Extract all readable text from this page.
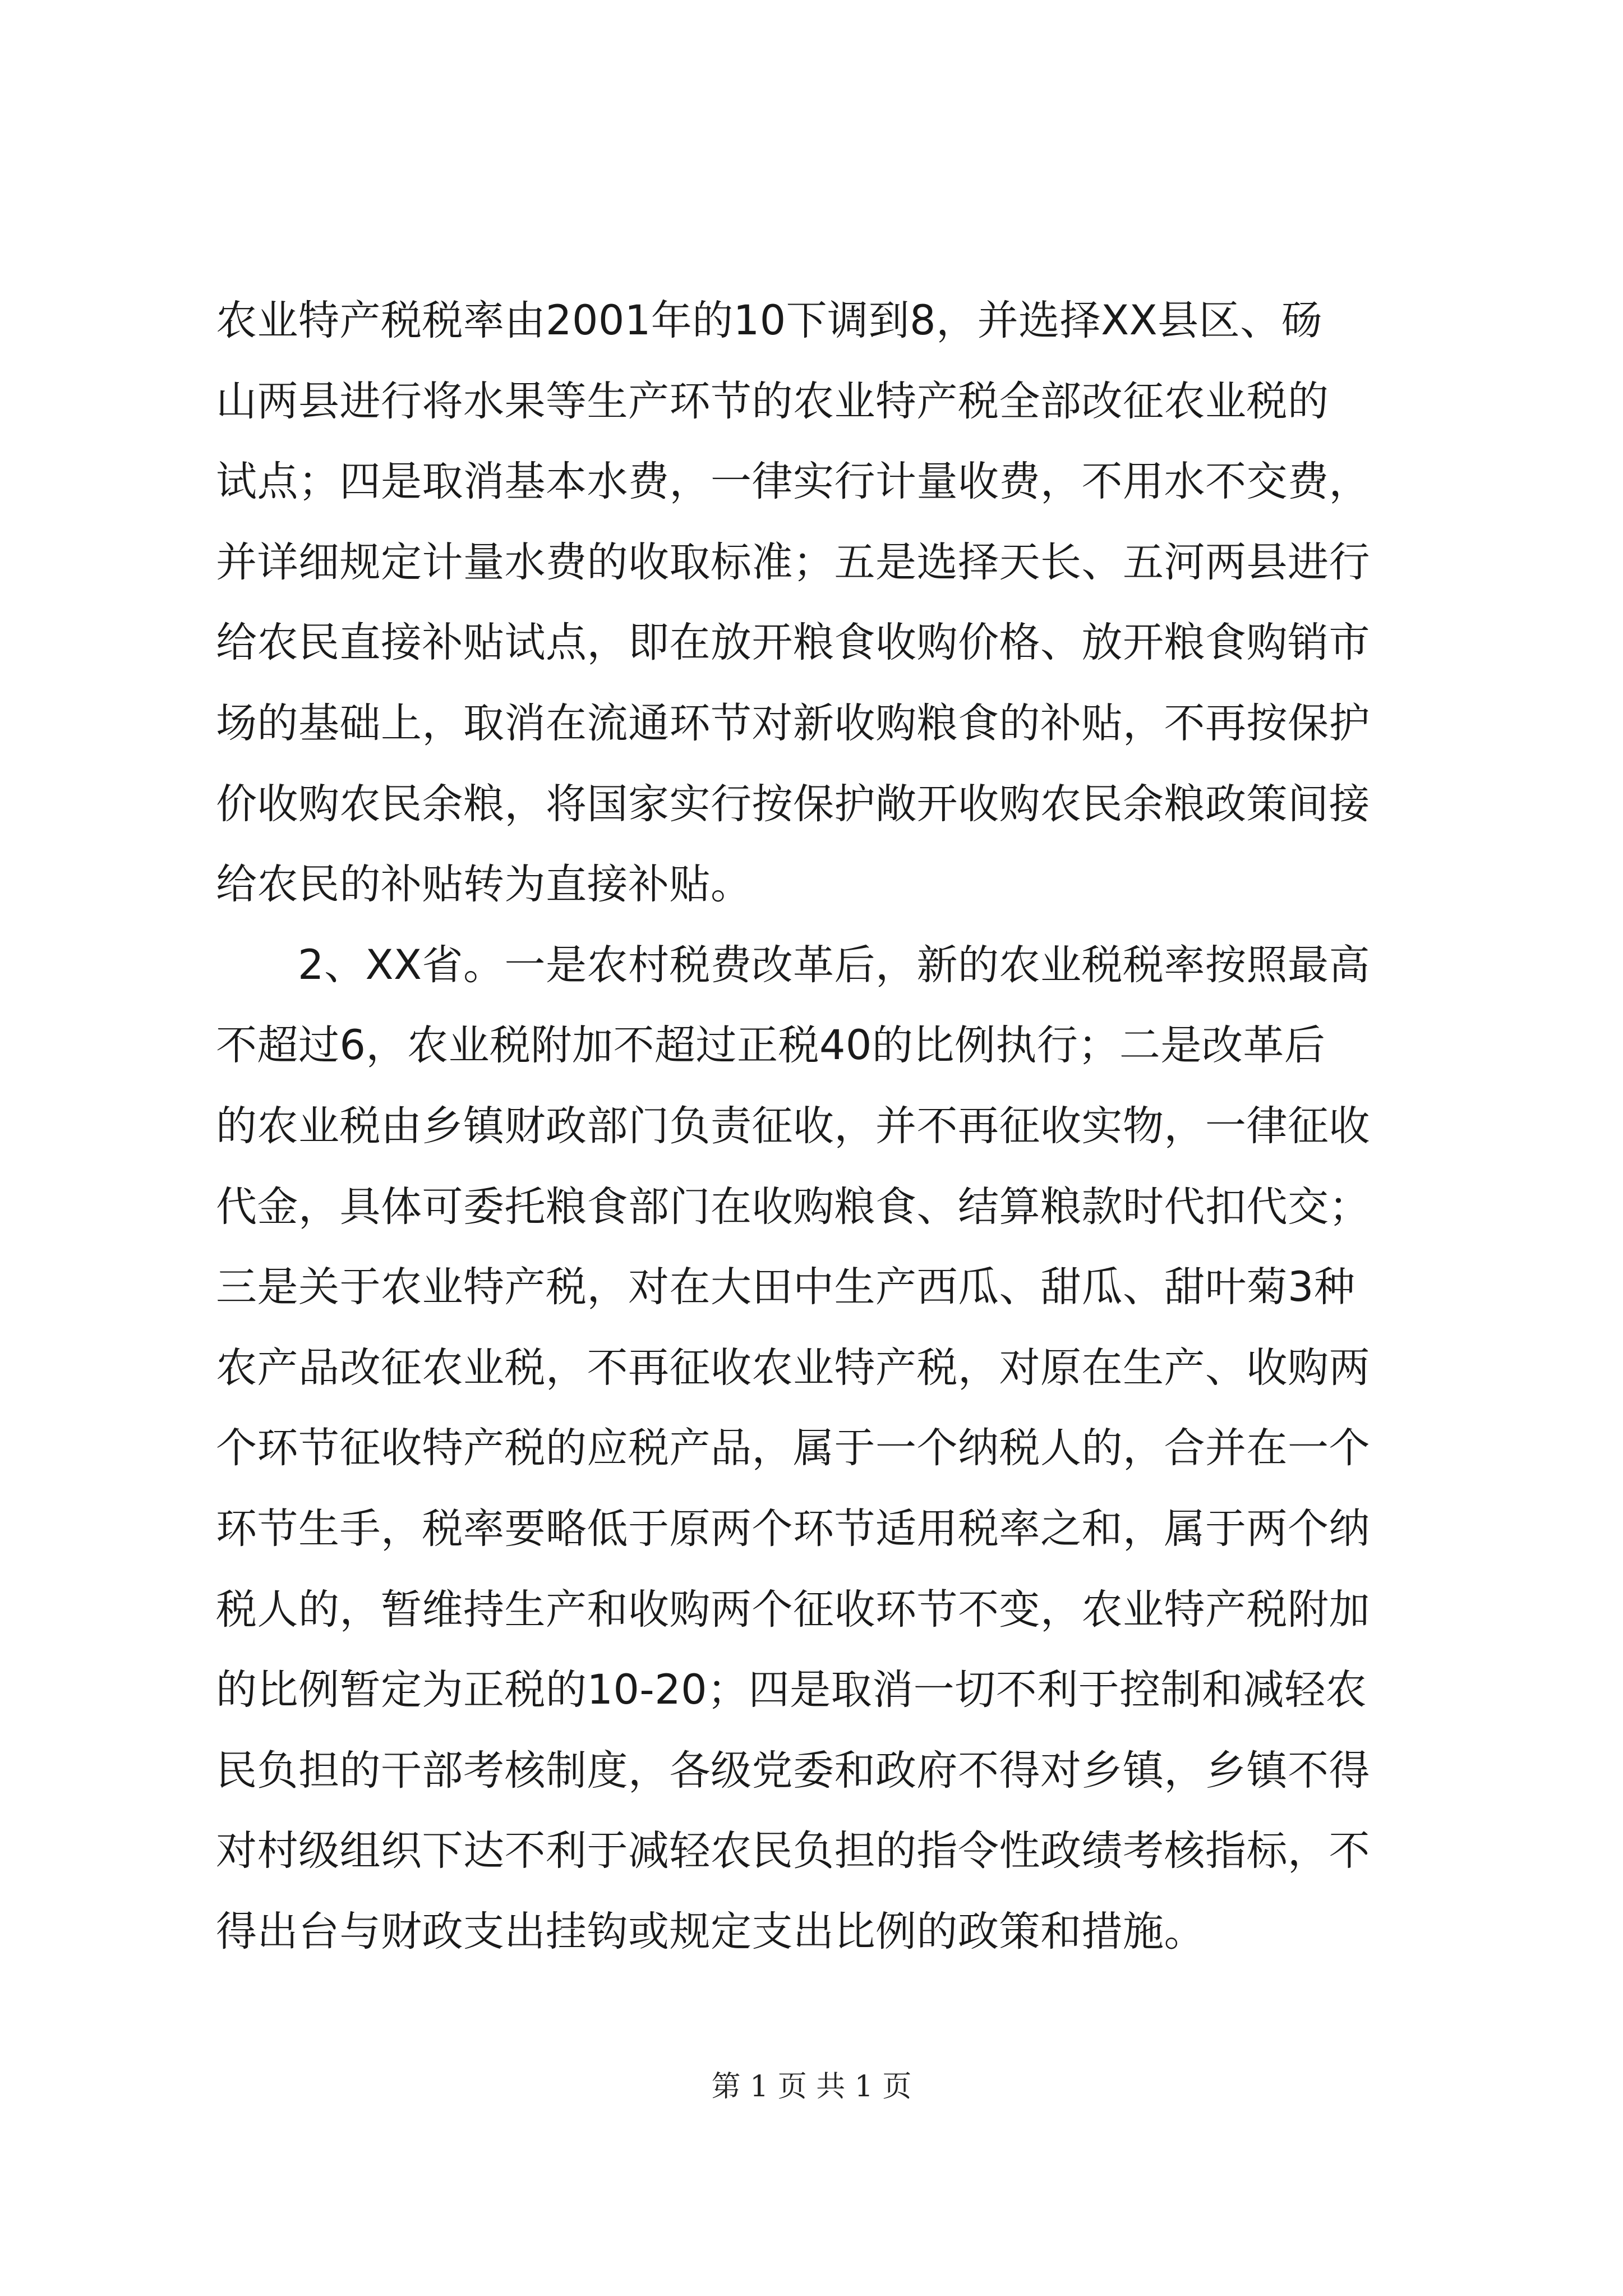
农业特产税税率由2001年的10下调到8，并选择XX县区、砀
山两县进行将水果等生产环节的农业特产税全部改征农业税的
试点；四是取消基本水费，一律实行计量收费，不用水不交费，
并详细规定计量水费的收取标准；五是选择天长、五河两县进行
给农民直接补贴试点，即在放开粮食收购价格、放开粮食购销市
场的基础上，取消在流通环节对新收购粮食的补贴，不再按保护
价收购农民余粮，将国家实行按保护敞开收购农民余粮政策间接
给农民的补贴转为直接补贴。
2、XX省。一是农村税费改革后，新的农业税税率按照最高
不超过6，农业税附加不超过正税40的比例执行；二是改革后
的农业税由乡镇财政部门负责征收，并不再征收实物，一律征收
代金，具体可委托粮食部门在收购粮食、结算粮款时代扣代交；
三是关于农业特产税，对在大田中生产西瓜、甜瓜、甜叶菊3种
农产品改征农业税，不再征收农业特产税，对原在生产、收购两
个环节征收特产税的应税产品，属于一个纳税人的，合并在一个
环节生手，税率要略低于原两个环节适用税率之和，属于两个纳
税人的，暂维持生产和收购两个征收环节不变，农业特产税附加
的比例暂定为正税的10-20；四是取消一切不利于控制和减轻农
民负担的干部考核制度，各级党委和政府不得对乡镇，乡镇不得
对村级组织下达不利于减轻农民负担的指令性政绩考核指标，不
得出台与财政支出挂钩或规定支出比例的政策和措施。
第 1 页 共 1 页
